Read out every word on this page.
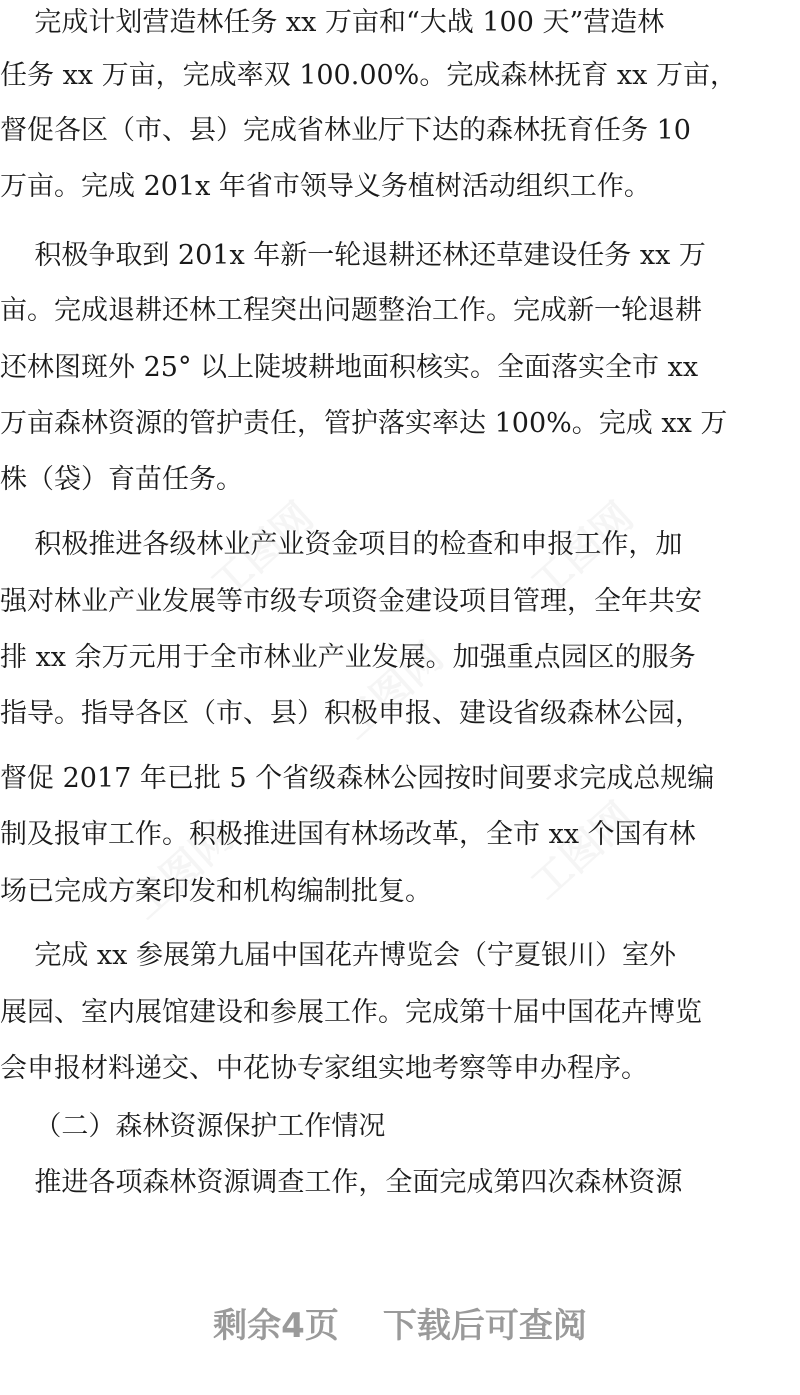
完成计划营造林任务 xx 万亩和“大战 100 天”营造林
任务 xx 万亩，完成率双 100.00%。完成森林抚育 xx 万亩，
督促各区（市、县）完成省林业厅下达的森林抚育任务 10
万亩。完成 201x 年省市领导义务植树活动组织工作。
积极争取到 201x 年新一轮退耕还林还草建设任务 xx 万
亩。完成退耕还林工程突出问题整治工作。完成新一轮退耕
还林图斑外 25° 以上陡坡耕地面积核实。全面落实全市 xx
万亩森林资源的管护责任，管护落实率达 100%。完成 xx 万
株（袋）育苗任务。
积极推进各级林业产业资金项目的检查和申报工作，加
强对林业产业发展等市级专项资金建设项目管理，全年共安
排 xx 余万元用于全市林业产业发展。加强重点园区的服务
指导。指导各区（市、县）积极申报、建设省级森林公园，
督促 2017 年已批 5 个省级森林公园按时间要求完成总规编
制及报审工作。积极推进国有林场改革，全市 xx 个国有林
场已完成方案印发和机构编制批复。
完成 xx 参展第九届中国花卉博览会（宁夏银川）室外
展园、室内展馆建设和参展工作。完成第十届中国花卉博览
会申报材料递交、中花协专家组实地考察等申办程序。
（二）森林资源保护工作情况
推进各项森林资源调查工作，全面完成第四次森林资源
剩余4页 下载后可查阅
